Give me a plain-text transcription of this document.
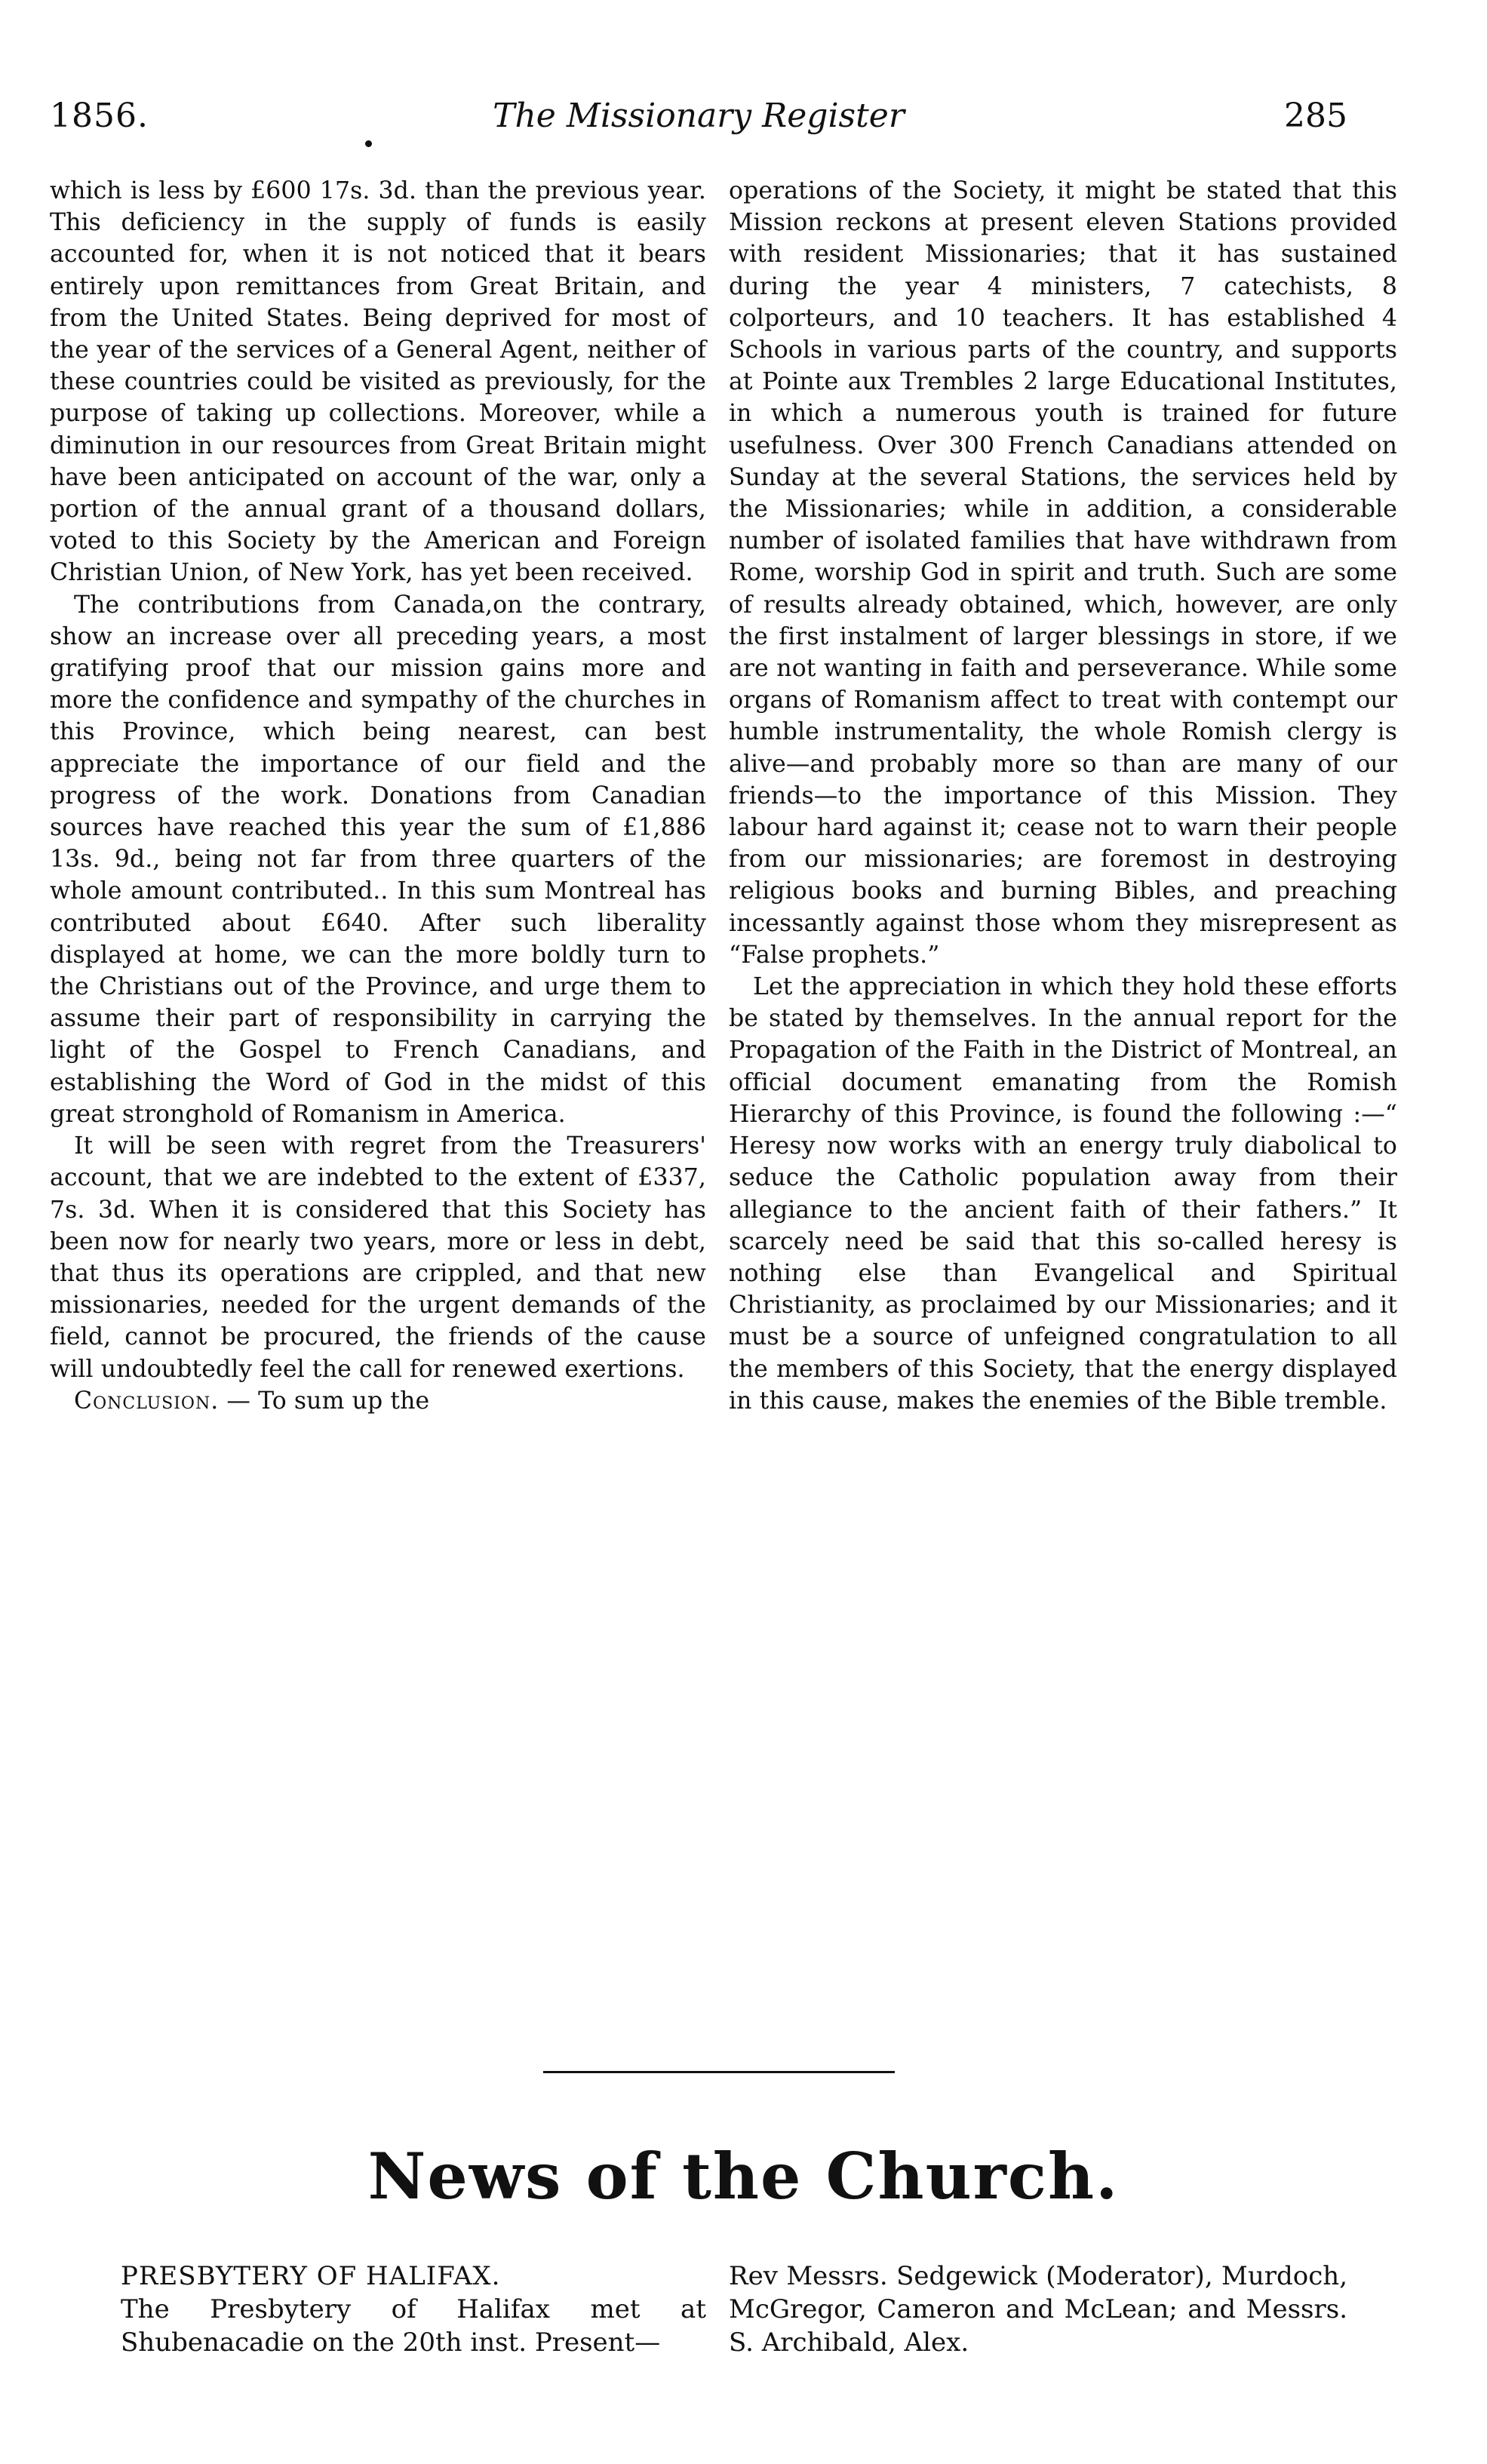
1856.	The Missionary Register	285

which is less by £600 17s. 3d. than the previous year. This deficiency in the supply of funds is easily accounted for, when it is not noticed that it bears entirely upon remittances from Great Britain, and from the United States. Being deprived for most of the year of the services of a General Agent, neither of these countries could be visited as previously, for the purpose of taking up collections. Moreover, while a diminution in our resources from Great Britain might have been anticipated on account of the war, only a portion of the annual grant of a thousand dollars, voted to this Society by the American and Foreign Christian Union, of New York, has yet been received.

The contributions from Canada,on the contrary, show an increase over all preceding years, a most gratifying proof that our mission gains more and more the confidence and sympathy of the churches in this Province, which being nearest, can best appreciate the importance of our field and the progress of the work. Donations from Canadian sources have reached this year the sum of £1,886 13s. 9d., being not far from three quarters of the whole amount contributed.. In this sum Montreal has contributed about £640. After such liberality displayed at home, we can the more boldly turn to the Christians out of the Province, and urge them to assume their part of responsibility in carrying the light of the Gospel to French Canadians, and establishing the Word of God in the midst of this great stronghold of Romanism in America.

It will be seen with regret from the Treasurers' account, that we are indebted to the extent of £337, 7s. 3d. When it is considered that this Society has been now for nearly two years, more or less in debt, that thus its operations are crippled, and that new missionaries, needed for the urgent demands of the field, cannot be procured, the friends of the cause will undoubtedly feel the call for renewed exertions.

Conclusion. — To sum up the

operations of the Society, it might be stated that this Mission reckons at present eleven Stations provided with resident Missionaries; that it has sustained during the year 4 ministers, 7 catechists, 8 colporteurs, and 10 teachers. It has established 4 Schools in various parts of the country, and supports at Pointe aux Trembles 2 large Educational Institutes, in which a numerous youth is trained for future usefulness. Over 300 French Canadians attended on Sunday at the several Stations, the services held by the Missionaries; while in addition, a considerable number of isolated families that have withdrawn from Rome, worship God in spirit and truth. Such are some of results already obtained, which, however, are only the first instalment of larger blessings in store, if we are not wanting in faith and perseverance. While some organs of Romanism affect to treat with contempt our humble instrumentality, the whole Romish clergy is alive—and probably more so than are many of our friends—to the importance of this Mission. They labour hard against it; cease not to warn their people from our missionaries; are foremost in destroying religious books and burning Bibles, and preaching incessantly against those whom they misrepresent as “False prophets.”

Let the appreciation in which they hold these efforts be stated by themselves. In the annual report for the Propagation of the Faith in the District of Montreal, an official document emanating from the Romish Hierarchy of this Province, is found the following :—“ Heresy now works with an energy truly diabolical to seduce the Catholic population away from their allegiance to the ancient faith of their fathers.” It scarcely need be said that this so-called heresy is nothing else than Evangelical and Spiritual Christianity, as proclaimed by our Missionaries; and it must be a source of unfeigned congratulation to all the members of this Society, that the energy displayed in this cause, makes the enemies of the Bible tremble.

News of the Church.

PRESBYTERY OF HALIFAX.

The Presbytery of Halifax met at Shubenacadie on the 20th inst. Present—

Rev Messrs. Sedgewick (Moderator), Murdoch, McGregor, Cameron and McLean; and Messrs. S. Archibald, Alex.
